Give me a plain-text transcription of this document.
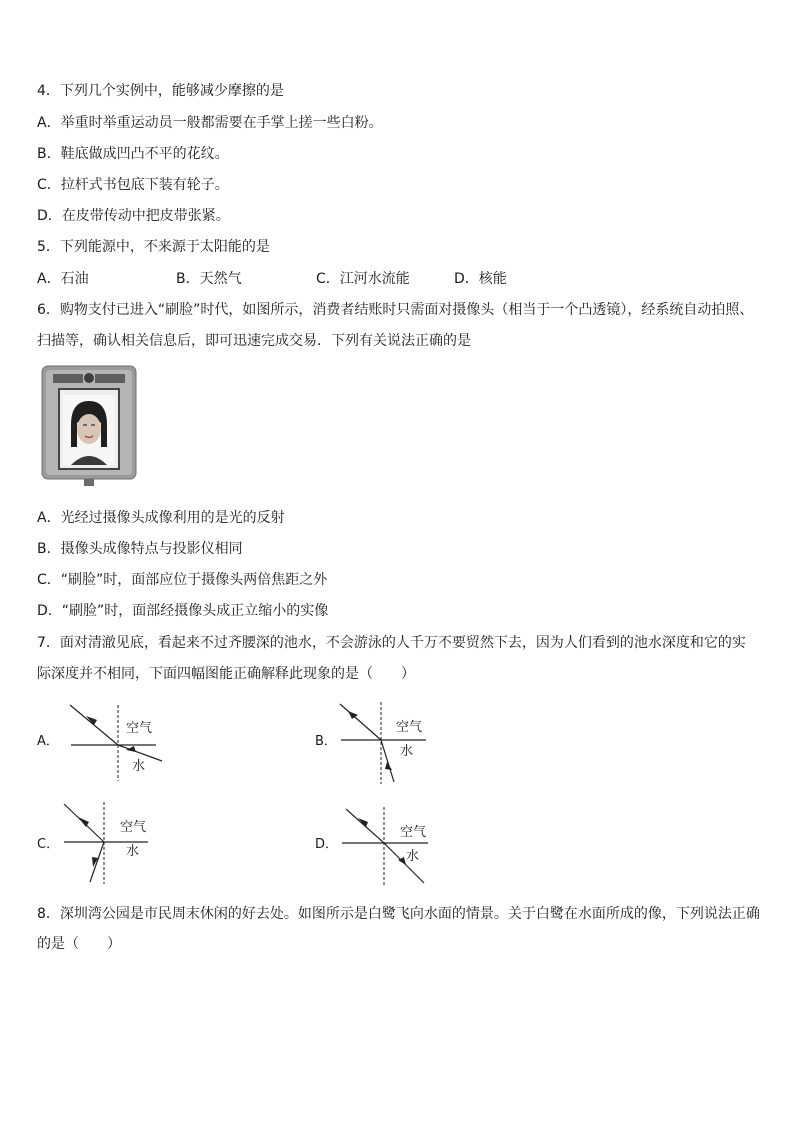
4．下列几个实例中，能够减少摩擦的是
A．举重时举重运动员一般都需要在手掌上搓一些白粉。
B．鞋底做成凹凸不平的花纹。
C．拉杆式书包底下装有轮子。
D．在皮带传动中把皮带张紧。
5．下列能源中，不来源于太阳能的是
A．石油	B．天然气	C．江河水流能	D．核能
6．购物支付已进入“刷脸”时代，如图所示，消费者结账时只需面对摄像头（相当于一个凸透镜），经系统自动拍照、
扫描等，确认相关信息后，即可迅速完成交易．下列有关说法正确的是
A．光经过摄像头成像利用的是光的反射
B．摄像头成像特点与投影仪相同
C．“刷脸”时，面部应位于摄像头两倍焦距之外
D．“刷脸”时，面部经摄像头成正立缩小的实像
7．面对清澈见底，看起来不过齐腰深的池水，不会游泳的人千万不要贸然下去，因为人们看到的池水深度和它的实
际深度并不相同，下面四幅图能正确解释此现象的是（　　）
A．
空气
水
B．
空气
水
C．
空气
水	D．
空气
水
8．深圳湾公园是市民周末休闲的好去处。如图所示是白鹭飞向水面的情景。关于白鹭在水面所成的像，下列说法正确
的是（　　）
